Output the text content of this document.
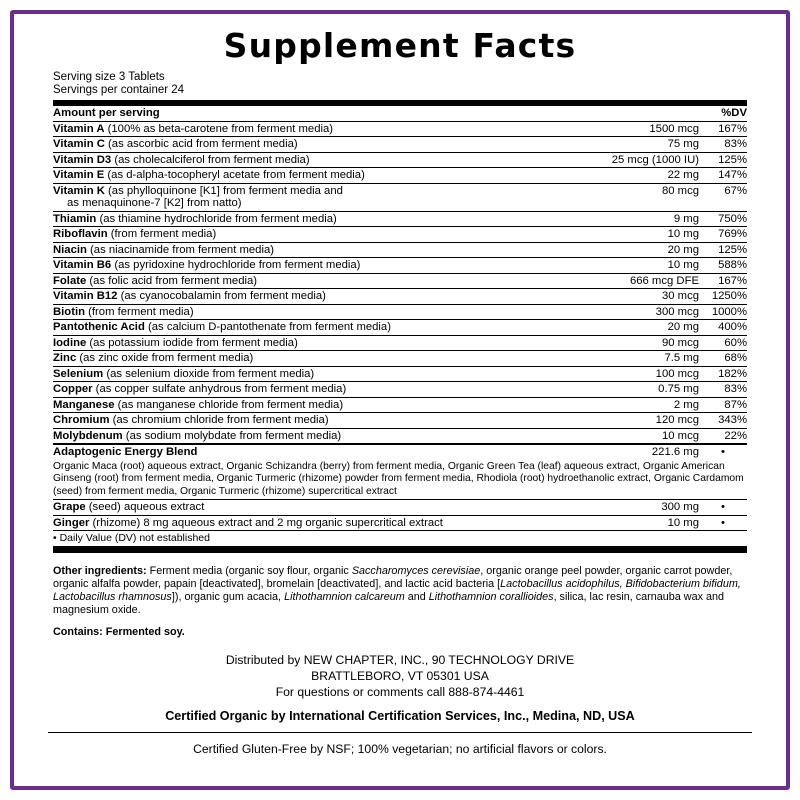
Supplement Facts
Serving size 3 Tablets
Servings per container 24
Amount per serving		%DV
Vitamin A (100% as beta-carotene from ferment media)	1500 mcg	167%
Vitamin C (as ascorbic acid from ferment media)	75 mg	83%
Vitamin D3 (as cholecalciferol from ferment media)	25 mcg (1000 IU)	125%
Vitamin E (as d-alpha-tocopheryl acetate from ferment media)	22 mg	147%
Vitamin K (as phylloquinone [K1] from ferment media and
as menaquinone-7 [K2] from natto)	80 mcg	67%
Thiamin (as thiamine hydrochloride from ferment media)	9 mg	750%
Riboflavin (from ferment media)	10 mg	769%
Niacin (as niacinamide from ferment media)	20 mg	125%
Vitamin B6 (as pyridoxine hydrochloride from ferment media)	10 mg	588%
Folate (as folic acid from ferment media)	666 mcg DFE	167%
Vitamin B12 (as cyanocobalamin from ferment media)	30 mcg	1250%
Biotin (from ferment media)	300 mcg	1000%
Pantothenic Acid (as calcium D-pantothenate from ferment media)	20 mg	400%
Iodine (as potassium iodide from ferment media)	90 mcg	60%
Zinc (as zinc oxide from ferment media)	7.5 mg	68%
Selenium (as selenium dioxide from ferment media)	100 mcg	182%
Copper (as copper sulfate anhydrous from ferment media)	0.75 mg	83%
Manganese (as manganese chloride from ferment media)	2 mg	87%
Chromium (as chromium chloride from ferment media)	120 mcg	343%
Molybdenum (as sodium molybdate from ferment media)	10 mcg	22%
Adaptogenic Energy Blend	221.6 mg	•
Organic Maca (root) aqueous extract, Organic Schizandra (berry) from ferment media, Organic Green Tea (leaf) aqueous extract, Organic American Ginseng (root) from ferment media, Organic Turmeric (rhizome) powder from ferment media, Rhodiola (root) hydroethanolic extract, Organic Cardamom (seed) from ferment media, Organic Turmeric (rhizome) supercritical extract		
Grape (seed) aqueous extract	300 mg	•
Ginger (rhizome) 8 mg aqueous extract and 2 mg organic supercritical extract	10 mg	•
• Daily Value (DV) not established		
Other ingredients: Ferment media (organic soy flour, organic Saccharomyces cerevisiae, organic orange peel powder, organic carrot powder, organic alfalfa powder, papain [deactivated], bromelain [deactivated], and lactic acid bacteria [Lactobacillus acidophilus, Bifidobacterium bifidum, Lactobacillus rhamnosus]), organic gum acacia, Lithothamnion calcareum and Lithothamnion corallioides, silica, lac resin, carnauba wax and magnesium oxide.
Contains: Fermented soy.
Distributed by NEW CHAPTER, INC., 90 TECHNOLOGY DRIVE
BRATTLEBORO, VT 05301 USA
For questions or comments call 888-874-4461
Certified Organic by International Certification Services, Inc., Medina, ND, USA
Certified Gluten-Free by NSF; 100% vegetarian; no artificial flavors or colors.
